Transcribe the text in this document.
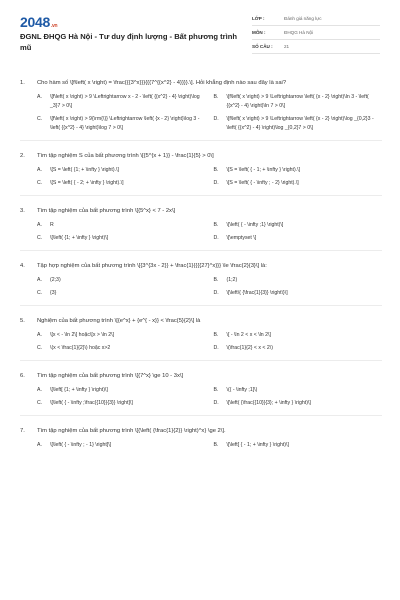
2048.vn
ĐGNL ĐHQG Hà Nội - Tư duy định lượng - Bất phương trình mũ
LỚP :	Đánh giá năng lực
MÔN :	ĐHQG Hà Nội
SỐ CÂU :	21
1.	Cho hàm số \[f\left( x \right) = \frac{{{3^x}}}{{{7^{{x^2} - 4}}}}.\]. Hỏi khẳng định nào sau đây là sai?
A.	\[f\left( x \right) > 9 \Leftrightarrow x - 2 - \left( {{x^2} - 4} \right)\log _3}7 > 0\]
B.	\[f\left( x \right) > 9 \Leftrightarrow \left( {x - 2} \right)\ln 3 - \left( {{x^2} - 4} \right)\ln 7 > 0\]
C.	\[f\left( x \right) > 9{\rm{\}} \Leftrightarrow \left( {x - 2} \right)\log 3 - \left( {{x^2} - 4} \right)\log 7 > 0\]
D.	\[f\left( x \right) > 9 \Leftrightarrow \left( {x - 2} \right)\log _{0,2}3 - \left( {{x^2} - 4} \right)\log _{0,2}7 > 0\]
2.	Tìm tập nghiệm S của bất phương trình \[{5^{x + 1}} - \frac{1}{5} > 0\]
A.	\[S = \left( {1; + \infty } \right).\]	B.	\[S = \left( { - 1; + \infty } \right).\]
C.	\[S = \left( { - 2; + \infty } \right).\]	D.	\[S = \left( { - \infty ; - 2} \right).\]
3.	Tìm tập nghiệm của bất phương trình \[{5^x} < 7 - 2x\]
A.	R	B.	\[\left( { - \infty ;1} \right)\]
C.	\[\left( {1; + \infty } \right)\]	D.	\[\emptyset \]
4.	Tập hợp nghiệm của bất phương trình \[{3^{3x - 2}} + \frac{1}{{{{27}^x}}} \le \frac{2}{3}\] là:
A.	(2;3)	B.	(1;2)
C.	{3}	D.	\[\left\{ {\frac{1}{3}} \right\}\]
5.	Nghiệm của bất phương trình \[{e^x} + {e^{ - x}} < \frac{5}{2}\] là
A.	\[x < - \ln 2\] hoặc\[x > \ln 2\]	B.	\[ - \ln 2 < x < \ln 2\]
C.	\(x < \frac{1}{2}\) hoặc x>2	D.	\(\frac{1}{2} < x < 2\)
6.	Tìm tập nghiệm của bất phương trình \[{7^x} \ge 10 - 3x\]
A.	\[\left[ {1; + \infty } \right)\]	B.	\(( - \infty ;1]\)
C.	\[\left( { - \infty ;\frac{{10}}{3}} \right]\]	D.	\[\left( {\frac{{10}}{3}; + \infty } \right)\]
7.	Tìm tập nghiệm của bất phương trình \[{\left( {\frac{1}{2}} \right)^x} \ge 2\].
A.	\[\left( { - \infty ; - 1} \right]\]	B.	\[\left[ { - 1; + \infty } \right)\]
